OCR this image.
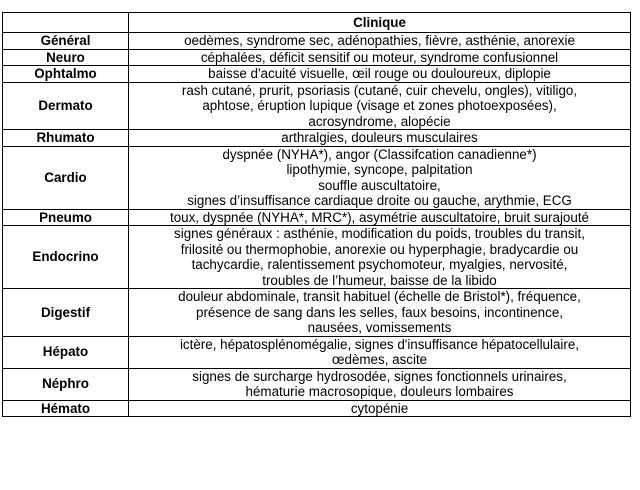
	Clinique
Général	oedèmes, syndrome sec, adénopathies, fièvre, asthénie, anorexie

Neuro	céphalées, déficit sensitif ou moteur, syndrome confusionnel

Ophtalmo	baisse d'acuité visuelle, œil rouge ou douloureux, diplopie

Dermato	rash cutané, prurit, psoriasis (cutané, cuir chevelu, ongles), vitiligo,
aphtose, éruption lupique (visage et zones photoexposées),
acrosyndrome, alopécie

Rhumato	arthralgies, douleurs musculaires

Cardio	dyspnée (NYHA*), angor (Classifcation canadienne*)
lipothymie, syncope, palpitation
souffle auscultatoire,
signes d’insuffisance cardiaque droite ou gauche, arythmie, ECG

Pneumo	toux, dyspnée (NYHA*, MRC*), asymétrie auscultatoire, bruit surajouté

Endocrino	signes généraux : asthénie, modification du poids, troubles du transit,
frilosité ou thermophobie, anorexie ou hyperphagie, bradycardie ou
tachycardie, ralentissement psychomoteur, myalgies, nervosité,
troubles de l’humeur, baisse de la libido

Digestif	douleur abdominale, transit habituel (échelle de Bristol*), fréquence,
présence de sang dans les selles, faux besoins, incontinence,
nausées, vomissements

Hépato	ictère, hépatosplénomégalie, signes d'insuffisance hépatocellulaire,
œdèmes, ascite

Néphro	signes de surcharge hydrosodée, signes fonctionnels urinaires,
hématurie macrosopique, douleurs lombaires

Hémato	cytopénie
